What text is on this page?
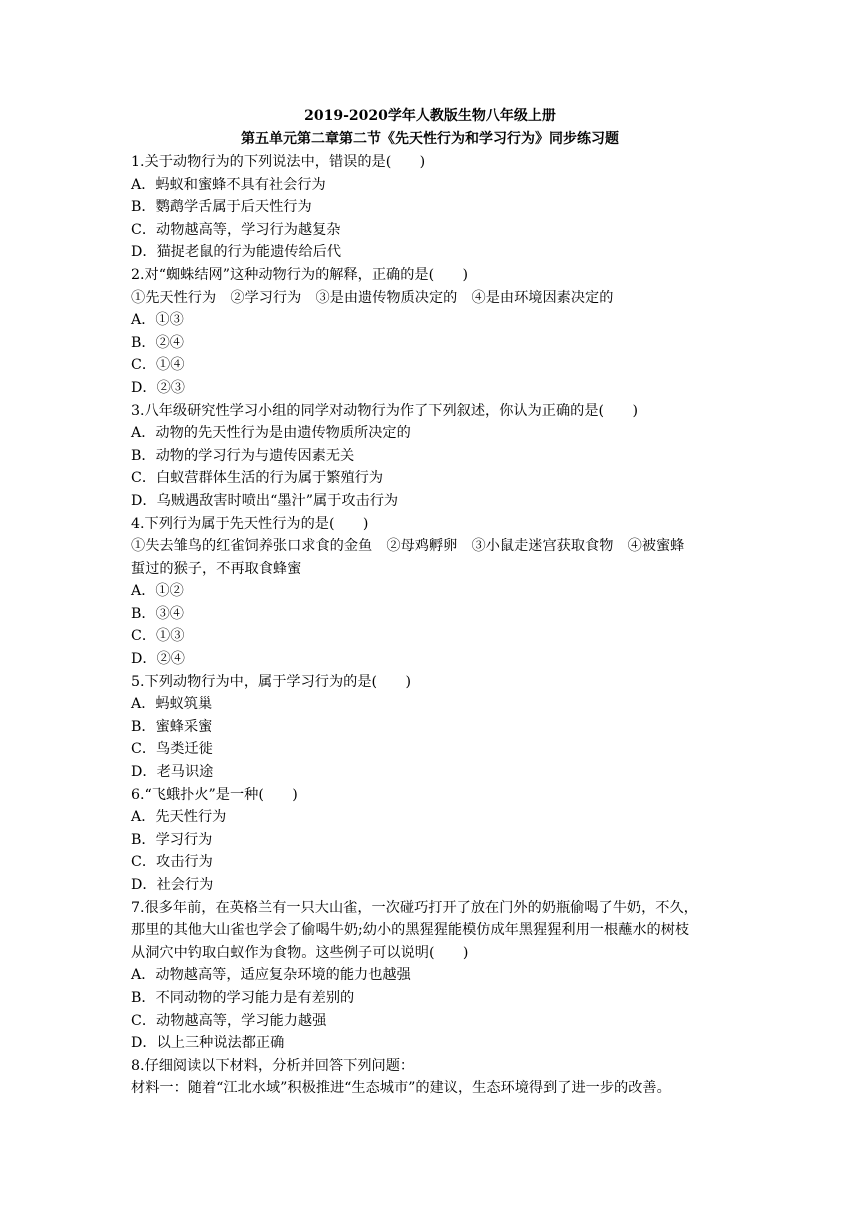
2019-2020学年人教版生物八年级上册
第五单元第二章第二节《先天性行为和学习行为》同步练习题
1.关于动物行为的下列说法中，错误的是(　　)
A．蚂蚁和蜜蜂不具有社会行为
B．鹦鹉学舌属于后天性行为
C．动物越高等，学习行为越复杂
D．猫捉老鼠的行为能遗传给后代
2.对“蜘蛛结网”这种动物行为的解释，正确的是(　　)
①先天性行为　②学习行为　③是由遗传物质决定的　④是由环境因素决定的
A．①③
B．②④
C．①④
D．②③
3.八年级研究性学习小组的同学对动物行为作了下列叙述，你认为正确的是(　　)
A．动物的先天性行为是由遗传物质所决定的
B．动物的学习行为与遗传因素无关
C．白蚁营群体生活的行为属于繁殖行为
D．乌贼遇敌害时喷出“墨汁”属于攻击行为
4.下列行为属于先天性行为的是(　　)
①失去雏鸟的红雀饲养张口求食的金鱼　②母鸡孵卵　③小鼠走迷宫获取食物　④被蜜蜂
蜇过的猴子，不再取食蜂蜜
A．①②
B．③④
C．①③
D．②④
5.下列动物行为中，属于学习行为的是(　　)
A．蚂蚁筑巢
B．蜜蜂采蜜
C．鸟类迁徙
D．老马识途
6.“飞蛾扑火”是一种(　　)
A．先天性行为
B．学习行为
C．攻击行为
D．社会行为
7.很多年前，在英格兰有一只大山雀，一次碰巧打开了放在门外的奶瓶偷喝了牛奶，不久，
那里的其他大山雀也学会了偷喝牛奶;幼小的黑猩猩能模仿成年黑猩猩利用一根蘸水的树枝
从洞穴中钓取白蚁作为食物。这些例子可以说明(　　)
A．动物越高等，适应复杂环境的能力也越强
B．不同动物的学习能力是有差别的
C．动物越高等，学习能力越强
D．以上三种说法都正确
8.仔细阅读以下材料，分析并回答下列问题：
材料一：随着“江北水域”积极推进“生态城市”的建议，生态环境得到了进一步的改善。
